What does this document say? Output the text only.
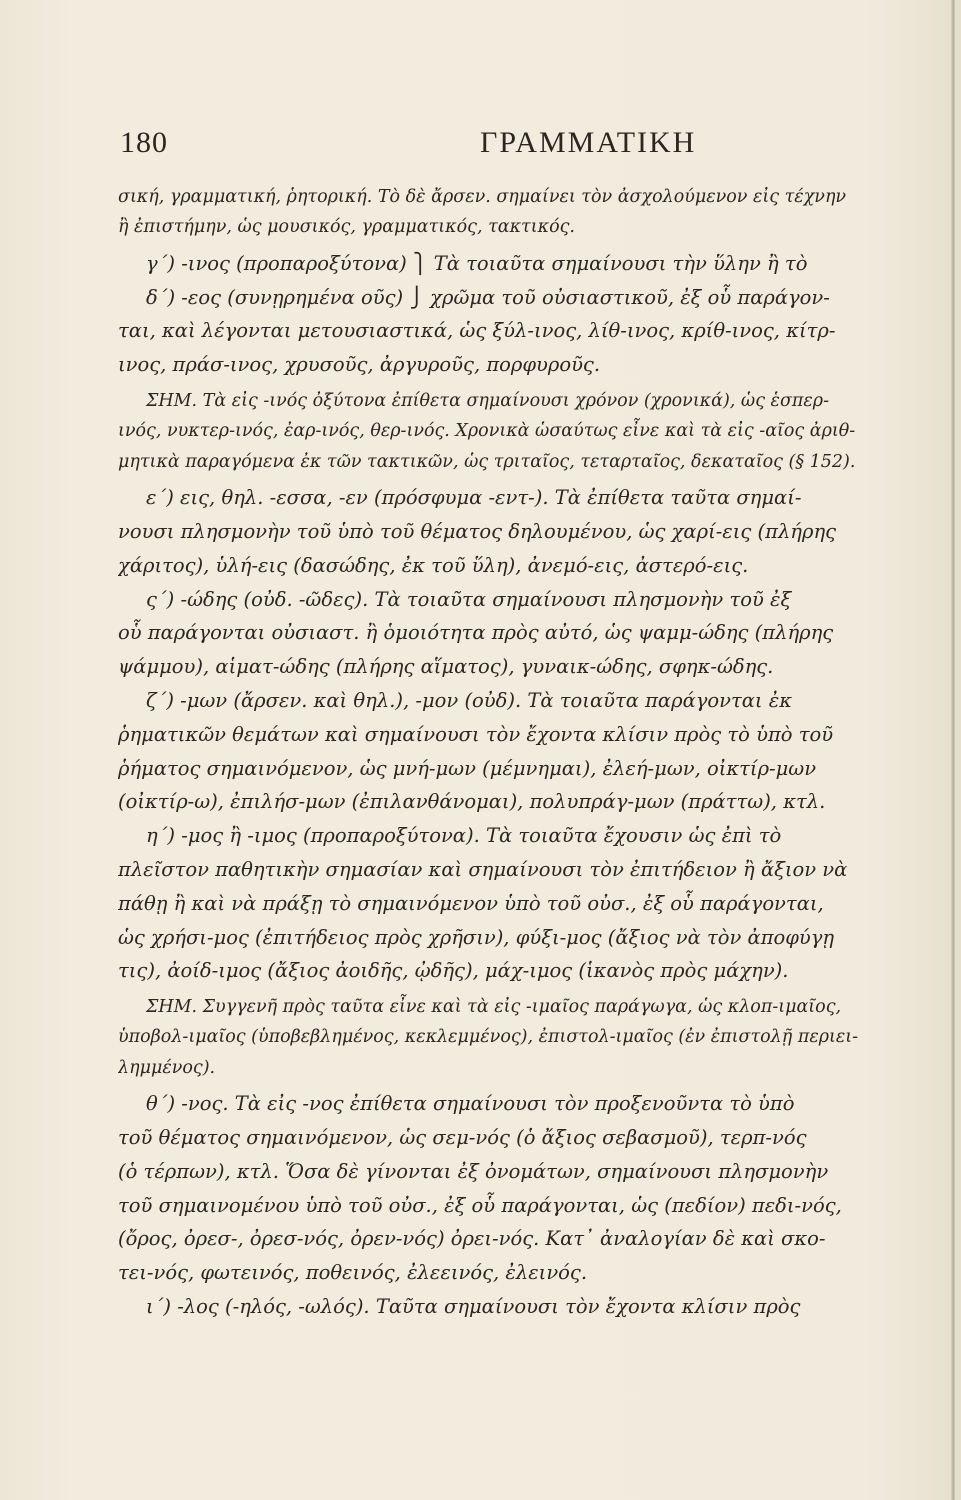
180	ΓΡΑΜΜΑΤΙΚΗ
σική, γραμματική, ῥητορική. Τὸ δὲ ἄρσεν. σημαίνει τὸν ἀσχολούμενον εἰς τέχνην
ἢ ἐπιστήμην, ὡς μουσικός, γραμματικός, τακτικός.
γ΄) -ινος (προπαροξύτονα) ⎫ Τὰ τοιαῦτα σημαίνουσι τὴν ὕλην ἢ τὸ
δ΄) -εος (συνῃρημένα οῦς) ⎭ χρῶμα τοῦ οὐσιαστικοῦ, ἐξ οὗ παράγον-
ται, καὶ λέγονται μετουσιαστικά, ὡς ξύλ-ινος, λίθ-ινος, κρίθ-ινος, κίτρ-
ινος, πράσ-ινος, χρυσοῦς, ἀργυροῦς, πορφυροῦς.
ΣΗΜ. Τὰ εἰς -ινός ὀξύτονα ἐπίθετα σημαίνουσι χρόνον (χρονικά), ὡς ἑσπερ-
ινός, νυκτερ-ινός, ἐαρ-ινός, θερ-ινός. Χρονικὰ ὡσαύτως εἶνε καὶ τὰ εἰς -αῖος ἀριθ-
μητικὰ παραγόμενα ἐκ τῶν τακτικῶν, ὡς τριταῖος, τεταρταῖος, δεκαταῖος (§ 152).
ε΄) εις, θηλ. -εσσα, -εν (πρόσφυμα -εντ-). Τὰ ἐπίθετα ταῦτα σημαί-
νουσι πλησμονὴν τοῦ ὑπὸ τοῦ θέματος δηλουμένου, ὡς χαρί-εις (πλήρης
χάριτος), ὑλή-εις (δασώδης, ἐκ τοῦ ὕλη), ἀνεμό-εις, ἀστερό-εις.
ς΄) -ώδης (οὐδ. -ῶδες). Τὰ τοιαῦτα σημαίνουσι πλησμονὴν τοῦ ἐξ
οὗ παράγονται οὐσιαστ. ἢ ὁμοιότητα πρὸς αὐτό, ὡς ψαμμ-ώδης (πλήρης
ψάμμου), αἱματ-ώδης (πλήρης αἵματος), γυναικ-ώδης, σφηκ-ώδης.
ζ΄) -μων (ἄρσεν. καὶ θηλ.), -μον (οὐδ). Τὰ τοιαῦτα παράγονται ἐκ
ῥηματικῶν θεμάτων καὶ σημαίνουσι τὸν ἔχοντα κλίσιν πρὸς τὸ ὑπὸ τοῦ
ῥήματος σημαινόμενον, ὡς μνή-μων (μέμνημαι), ἐλεή-μων, οἰκτίρ-μων
(οἰκτίρ-ω), ἐπιλήσ-μων (ἐπιλανθάνομαι), πολυπράγ-μων (πράττω), κτλ.
η΄) -μος ἢ -ιμος (προπαροξύτονα). Τὰ τοιαῦτα ἔχουσιν ὡς ἐπὶ τὸ
πλεῖστον παθητικὴν σημασίαν καὶ σημαίνουσι τὸν ἐπιτήδειον ἢ ἄξιον νὰ
πάθῃ ἢ καὶ νὰ πράξῃ τὸ σημαινόμενον ὑπὸ τοῦ οὐσ., ἐξ οὗ παράγονται,
ὡς χρήσι-μος (ἐπιτήδειος πρὸς χρῆσιν), φύξι-μος (ἄξιος νὰ τὸν ἀποφύγῃ
τις), ἀοίδ-ιμος (ἄξιος ἀοιδῆς, ᾠδῆς), μάχ-ιμος (ἱκανὸς πρὸς μάχην).
ΣΗΜ. Συγγενῆ πρὸς ταῦτα εἶνε καὶ τὰ εἰς -ιμαῖος παράγωγα, ὡς κλοπ-ιμαῖος,
ὑποβολ-ιμαῖος (ὑποβεβλημένος, κεκλεμμένος), ἐπιστολ-ιμαῖος (ἐν ἐπιστολῇ περιει-
λημμένος).
θ΄) -νος. Τὰ εἰς -νος ἐπίθετα σημαίνουσι τὸν προξενοῦντα τὸ ὑπὸ
τοῦ θέματος σημαινόμενον, ὡς σεμ-νός (ὁ ἄξιος σεβασμοῦ), τερπ-νός
(ὁ τέρπων), κτλ. Ὅσα δὲ γίνονται ἐξ ὀνομάτων, σημαίνουσι πλησμονὴν
τοῦ σημαινομένου ὑπὸ τοῦ οὐσ., ἐξ οὗ παράγονται, ὡς (πεδίον) πεδι-νός,
(ὄρος, ὀρεσ-, ὀρεσ-νός, ὀρεν-νός) ὀρει-νός. Κατ᾽ ἀναλογίαν δὲ καὶ σκο-
τει-νός, φωτεινός, ποθεινός, ἐλεεινός, ἐλεινός.
ι΄) -λος (-ηλός, -ωλός). Ταῦτα σημαίνουσι τὸν ἔχοντα κλίσιν πρὸς
